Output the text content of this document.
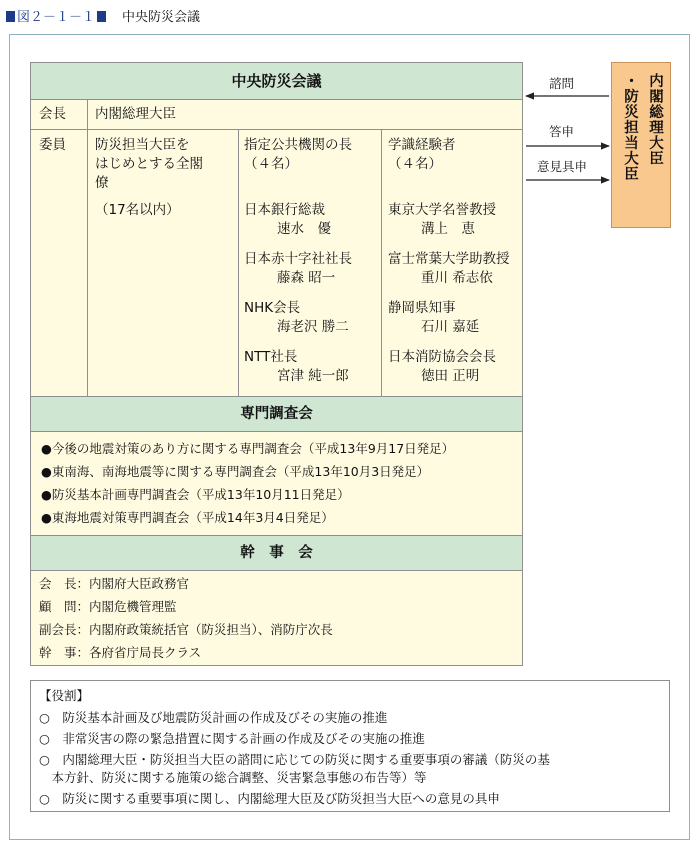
図２－１－１ 中央防災会議
中央防災会議
会長 内閣総理大臣
委員 防災担当大臣を
はじめとする全閣
僚
（17名以内）
指定公共機関の長
（４名）
日本銀行総裁
速水　優
日本赤十字社社長
藤森 昭一
NHK会長
海老沢 勝二
NTT社長
宮津 純一郎
学識経験者
（４名）
東京大学名誉教授
溝上　恵
富士常葉大学助教授
重川 希志依
静岡県知事
石川 嘉延
日本消防協会会長
徳田 正明
専門調査会
●今後の地震対策のあり方に関する専門調査会（平成13年9月17日発足）
●東南海、南海地震等に関する専門調査会（平成13年10月3日発足）
●防災基本計画専門調査会（平成13年10月11日発足）
●東海地震対策専門調査会（平成14年3月4日発足）
幹　事　会
会　長：内閣府大臣政務官
顧　問：内閣危機管理監
副会長：内閣府政策統括官（防災担当）、消防庁次長
幹　事：各府省庁局長クラス
諮問
答申
意見具申
内閣総理大臣
・防災担当大臣
【役割】
○　防災基本計画及び地震防災計画の作成及びその実施の推進
○　非常災害の際の緊急措置に関する計画の作成及びその実施の推進
○　内閣総理大臣・防災担当大臣の諮問に応じての防災に関する重要事項の審議（防災の基
　本方針、防災に関する施策の総合調整、災害緊急事態の布告等）等
○　防災に関する重要事項に関し、内閣総理大臣及び防災担当大臣への意見の具申
